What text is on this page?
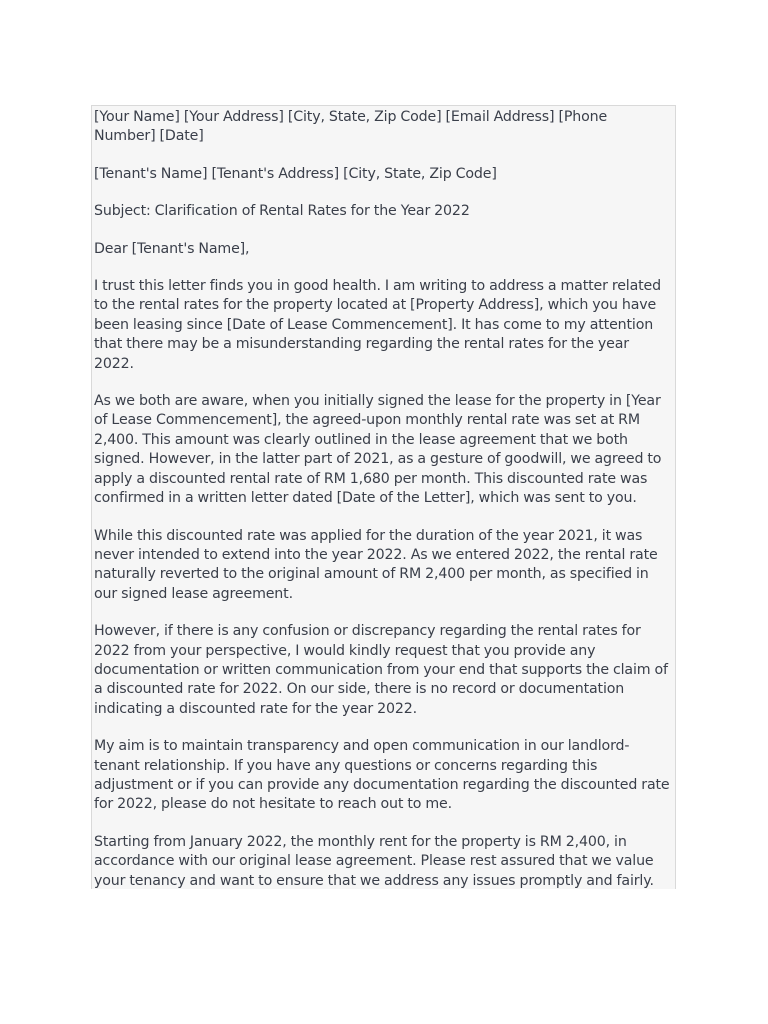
[Your Name] [Your Address] [City, State, Zip Code] [Email Address] [Phone Number] [Date]

[Tenant's Name] [Tenant's Address] [City, State, Zip Code]

Subject: Clarification of Rental Rates for the Year 2022

Dear [Tenant's Name],

I trust this letter finds you in good health. I am writing to address a matter related to the rental rates for the property located at [Property Address], which you have been leasing since [Date of Lease Commencement]. It has come to my attention that there may be a misunderstanding regarding the rental rates for the year 2022.

As we both are aware, when you initially signed the lease for the property in [Year of Lease Commencement], the agreed-upon monthly rental rate was set at RM 2,400. This amount was clearly outlined in the lease agreement that we both signed. However, in the latter part of 2021, as a gesture of goodwill, we agreed to apply a discounted rental rate of RM 1,680 per month. This discounted rate was confirmed in a written letter dated [Date of the Letter], which was sent to you.

While this discounted rate was applied for the duration of the year 2021, it was never intended to extend into the year 2022. As we entered 2022, the rental rate naturally reverted to the original amount of RM 2,400 per month, as specified in our signed lease agreement.

However, if there is any confusion or discrepancy regarding the rental rates for 2022 from your perspective, I would kindly request that you provide any documentation or written communication from your end that supports the claim of a discounted rate for 2022. On our side, there is no record or documentation indicating a discounted rate for the year 2022.

My aim is to maintain transparency and open communication in our landlord-tenant relationship. If you have any questions or concerns regarding this adjustment or if you can provide any documentation regarding the discounted rate for 2022, please do not hesitate to reach out to me.

Starting from January 2022, the monthly rent for the property is RM 2,400, in accordance with our original lease agreement. Please rest assured that we value your tenancy and want to ensure that we address any issues promptly and fairly.
